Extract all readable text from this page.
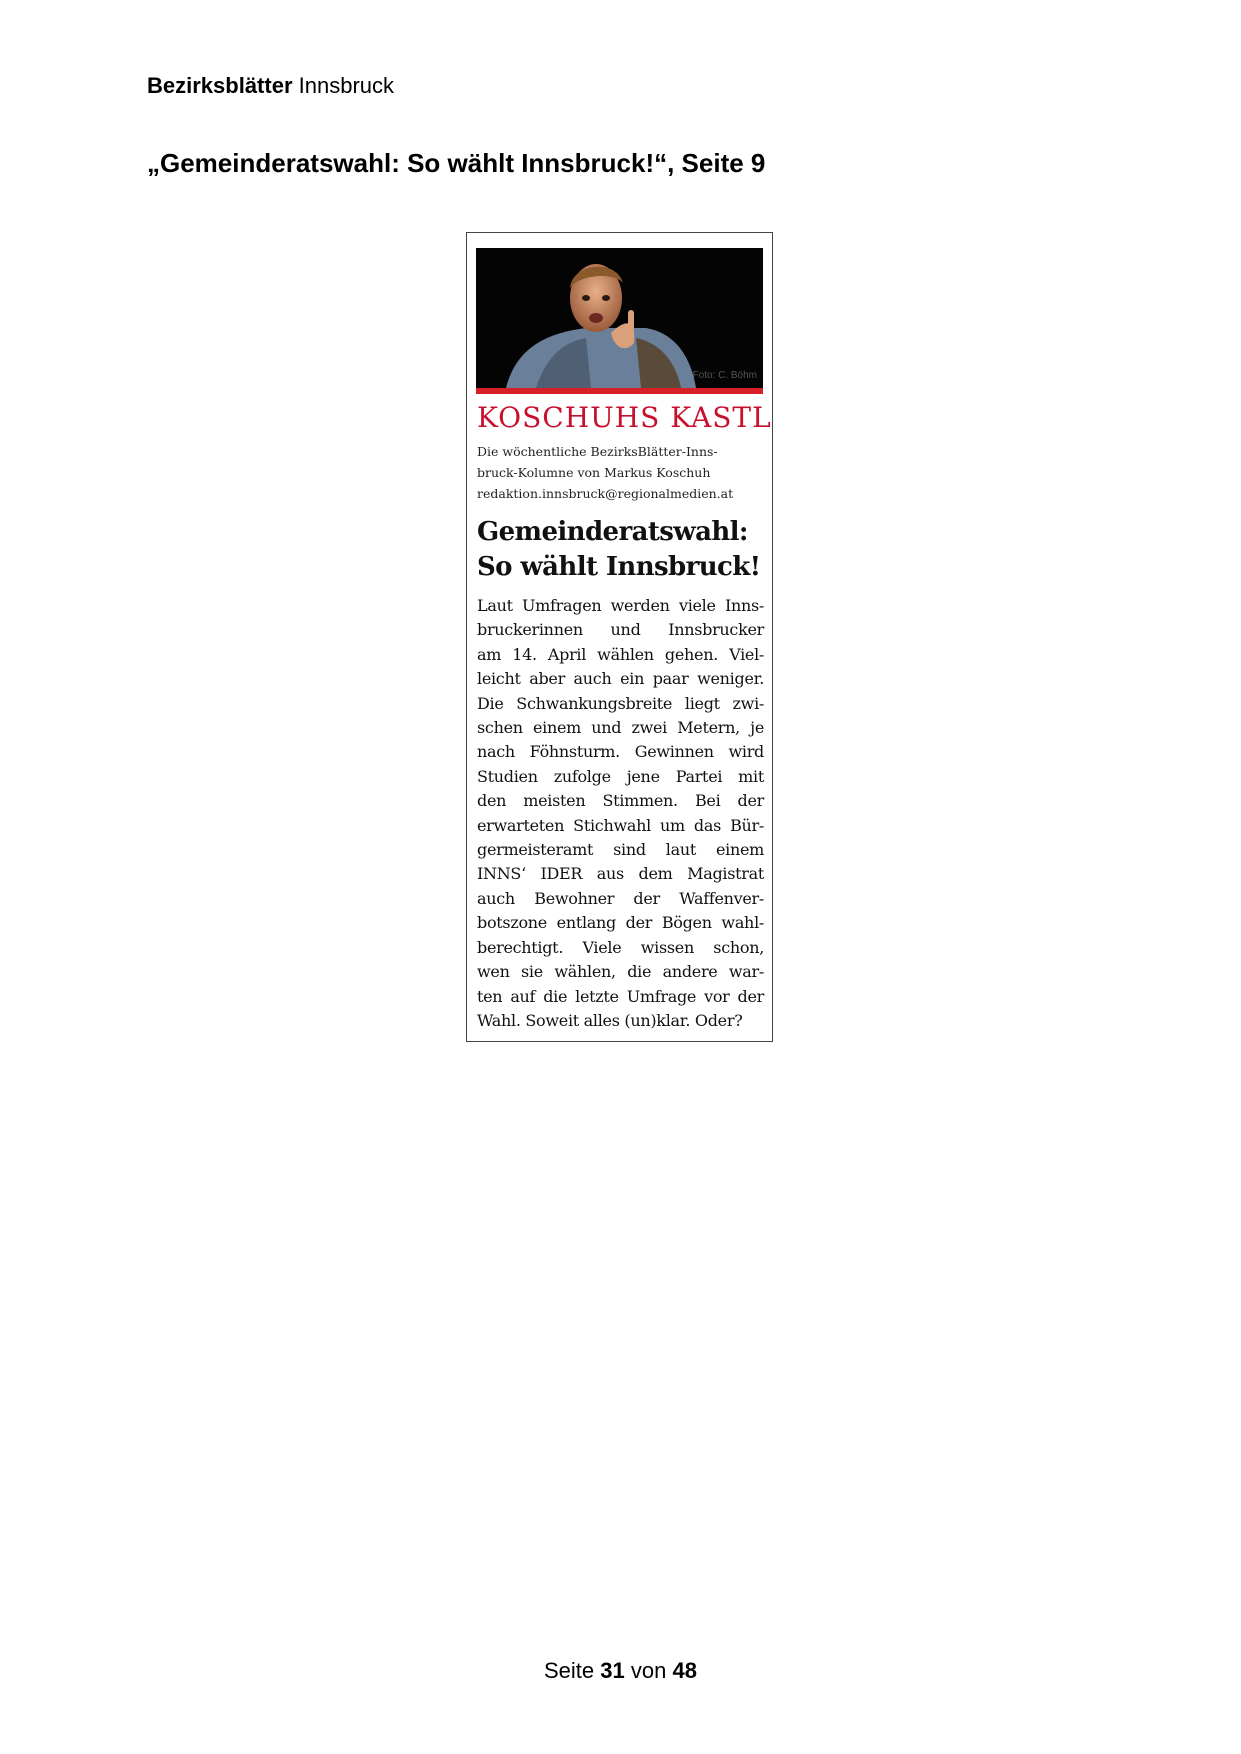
Bezirksblätter Innsbruck
„Gemeinderatswahl: So wählt Innsbruck!“, Seite 9
Foto: C. Böhm
KOSCHUHS KASTL
Die wöchentliche BezirksBlätter-Inns-
bruck-Kolumne von Markus Koschuh
redaktion.innsbruck@regionalmedien.at
Gemeinderatswahl:
So wählt Innsbruck!
Laut Umfragen werden viele Inns-
bruckerinnen und Innsbrucker
am 14. April wählen gehen. Viel-
leicht aber auch ein paar weniger.
Die Schwankungsbreite liegt zwi-
schen einem und zwei Metern, je
nach Föhnsturm. Gewinnen wird
Studien zufolge jene Partei mit
den meisten Stimmen. Bei der
erwarteten Stichwahl um das Bür-
germeisteramt sind laut einem
INNS‘ IDER aus dem Magistrat
auch Bewohner der Waffenver-
botszone entlang der Bögen wahl-
berechtigt. Viele wissen schon,
wen sie wählen, die andere war-
ten auf die letzte Umfrage vor der
Wahl. Soweit alles (un)klar. Oder?
Seite 31 von 48
